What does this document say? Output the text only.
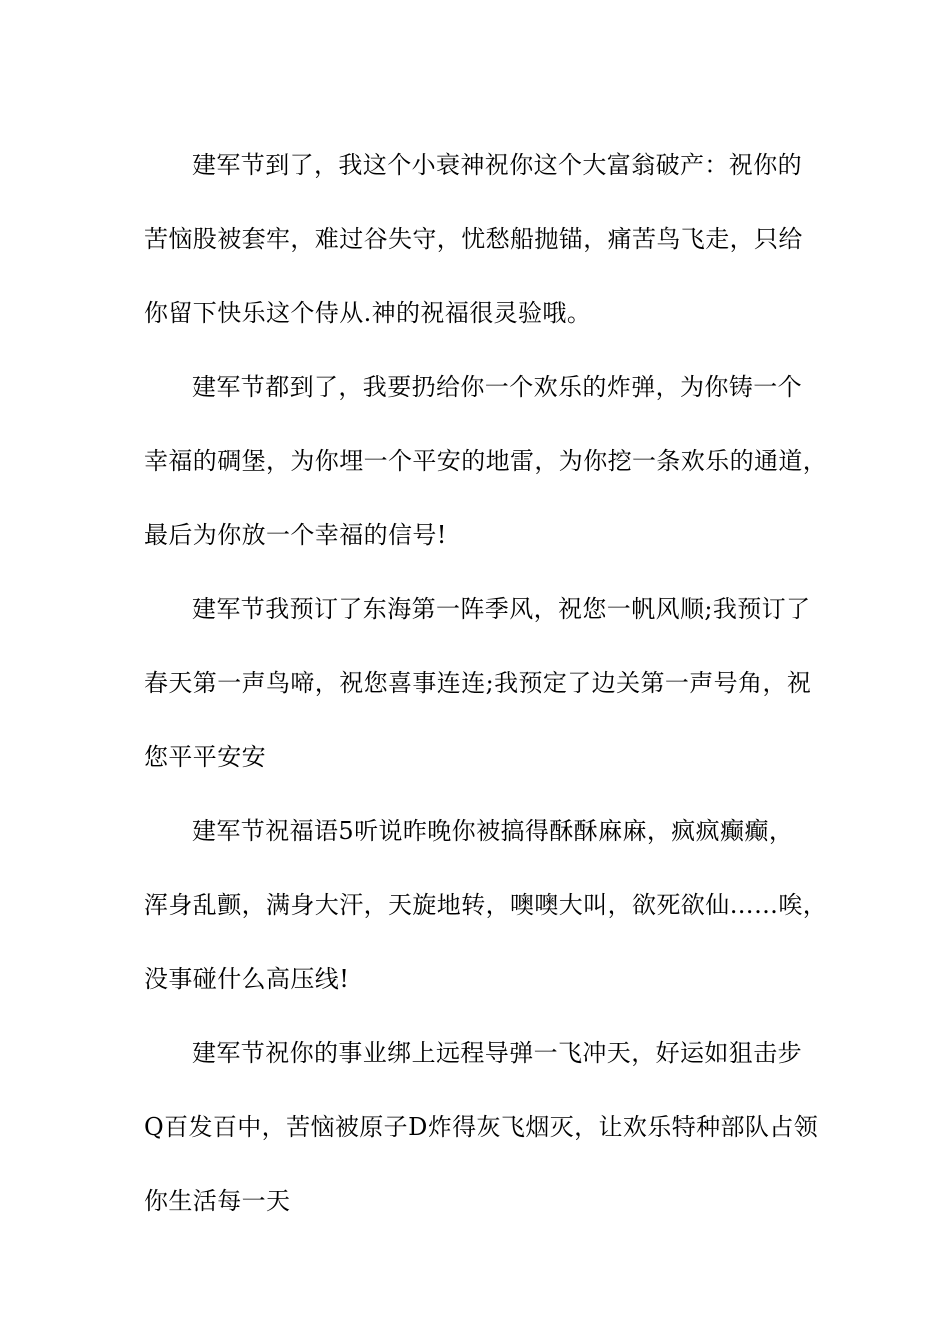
建军节到了，我这个小衰神祝你这个大富翁破产：祝你的
苦恼股被套牢，难过谷失守，忧愁船抛锚，痛苦鸟飞走，只给
你留下快乐这个侍从.神的祝福很灵验哦。

建军节都到了，我要扔给你一个欢乐的炸弹，为你铸一个
幸福的碉堡，为你埋一个平安的地雷，为你挖一条欢乐的通道，
最后为你放一个幸福的信号!

建军节我预订了东海第一阵季风，祝您一帆风顺;我预订了
春天第一声鸟啼，祝您喜事连连;我预定了边关第一声号角，祝
您平平安安

建军节祝福语5听说昨晚你被搞得酥酥麻麻，疯疯癫癫，
浑身乱颤，满身大汗，天旋地转，噢噢大叫，欲死欲仙……唉，
没事碰什么高压线!

建军节祝你的事业绑上远程导弹一飞冲天，好运如狙击步
Q百发百中，苦恼被原子D炸得灰飞烟灭，让欢乐特种部队占领
你生活每一天
